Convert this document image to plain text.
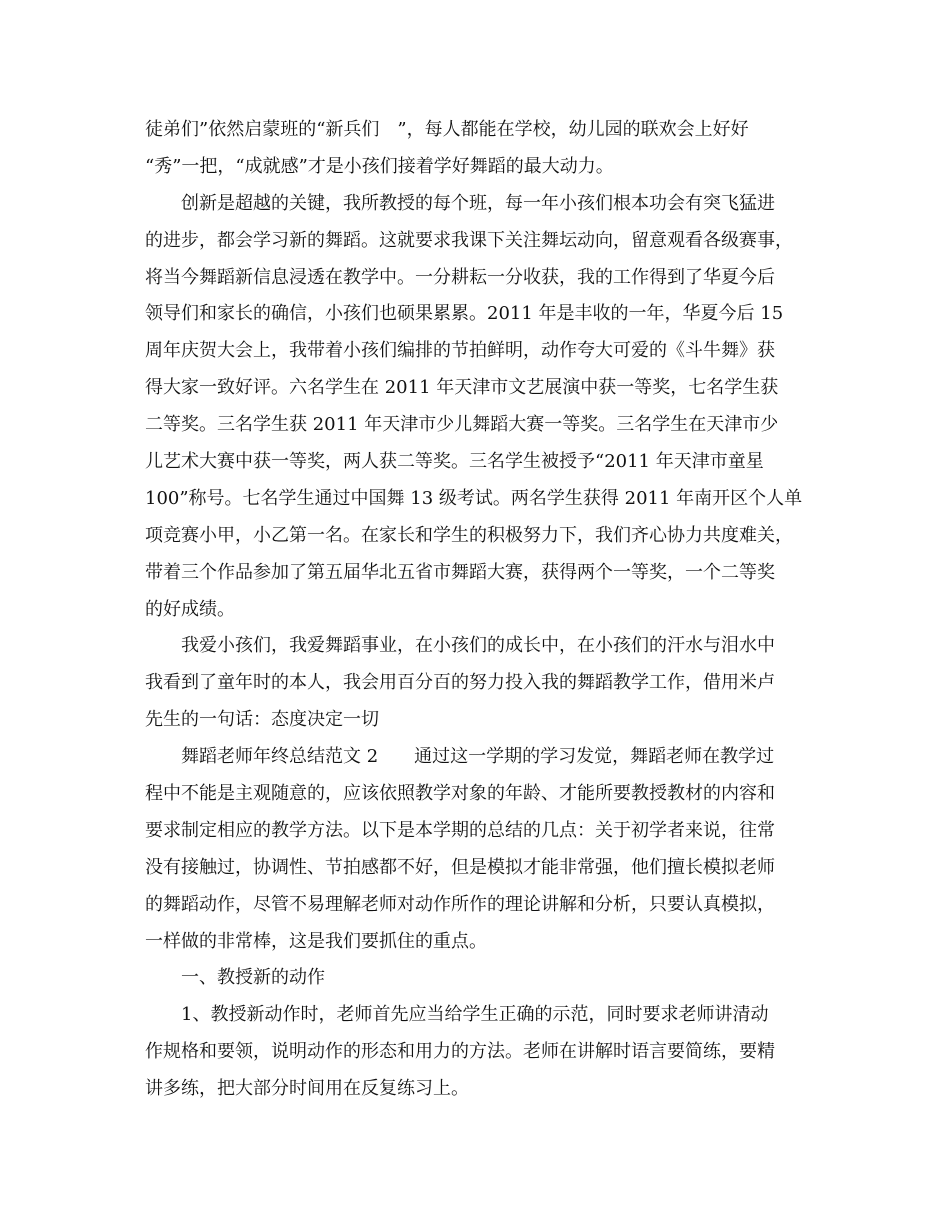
徒弟们”依然启蒙班的“新兵们　”，每人都能在学校，幼儿园的联欢会上好好
“秀”一把，“成就感”才是小孩们接着学好舞蹈的最大动力。
创新是超越的关键，我所教授的每个班，每一年小孩们根本功会有突飞猛进
的进步，都会学习新的舞蹈。这就要求我课下关注舞坛动向，留意观看各级赛事，
将当今舞蹈新信息浸透在教学中。一分耕耘一分收获，我的工作得到了华夏今后
领导们和家长的确信，小孩们也硕果累累。2011 年是丰收的一年，华夏今后 15
周年庆贺大会上，我带着小孩们编排的节拍鲜明，动作夸大可爱的《斗牛舞》获
得大家一致好评。六名学生在 2011 年天津市文艺展演中获一等奖，七名学生获
二等奖。三名学生获 2011 年天津市少儿舞蹈大赛一等奖。三名学生在天津市少
儿艺术大赛中获一等奖，两人获二等奖。三名学生被授予“2011 年天津市童星
100”称号。七名学生通过中国舞 13 级考试。两名学生获得 2011 年南开区个人单
项竞赛小甲，小乙第一名。在家长和学生的积极努力下，我们齐心协力共度难关，
带着三个作品参加了第五届华北五省市舞蹈大赛，获得两个一等奖，一个二等奖
的好成绩。
我爱小孩们，我爱舞蹈事业，在小孩们的成长中，在小孩们的汗水与泪水中
我看到了童年时的本人，我会用百分百的努力投入我的舞蹈教学工作，借用米卢
先生的一句话：态度决定一切
舞蹈老师年终总结范文 2　　通过这一学期的学习发觉，舞蹈老师在教学过
程中不能是主观随意的，应该依照教学对象的年龄、才能所要教授教材的内容和
要求制定相应的教学方法。以下是本学期的总结的几点：关于初学者来说，往常
没有接触过，协调性、节拍感都不好，但是模拟才能非常强，他们擅长模拟老师
的舞蹈动作，尽管不易理解老师对动作所作的理论讲解和分析，只要认真模拟，
一样做的非常棒，这是我们要抓住的重点。
一、教授新的动作
1、教授新动作时，老师首先应当给学生正确的示范，同时要求老师讲清动
作规格和要领，说明动作的形态和用力的方法。老师在讲解时语言要简练，要精
讲多练，把大部分时间用在反复练习上。
